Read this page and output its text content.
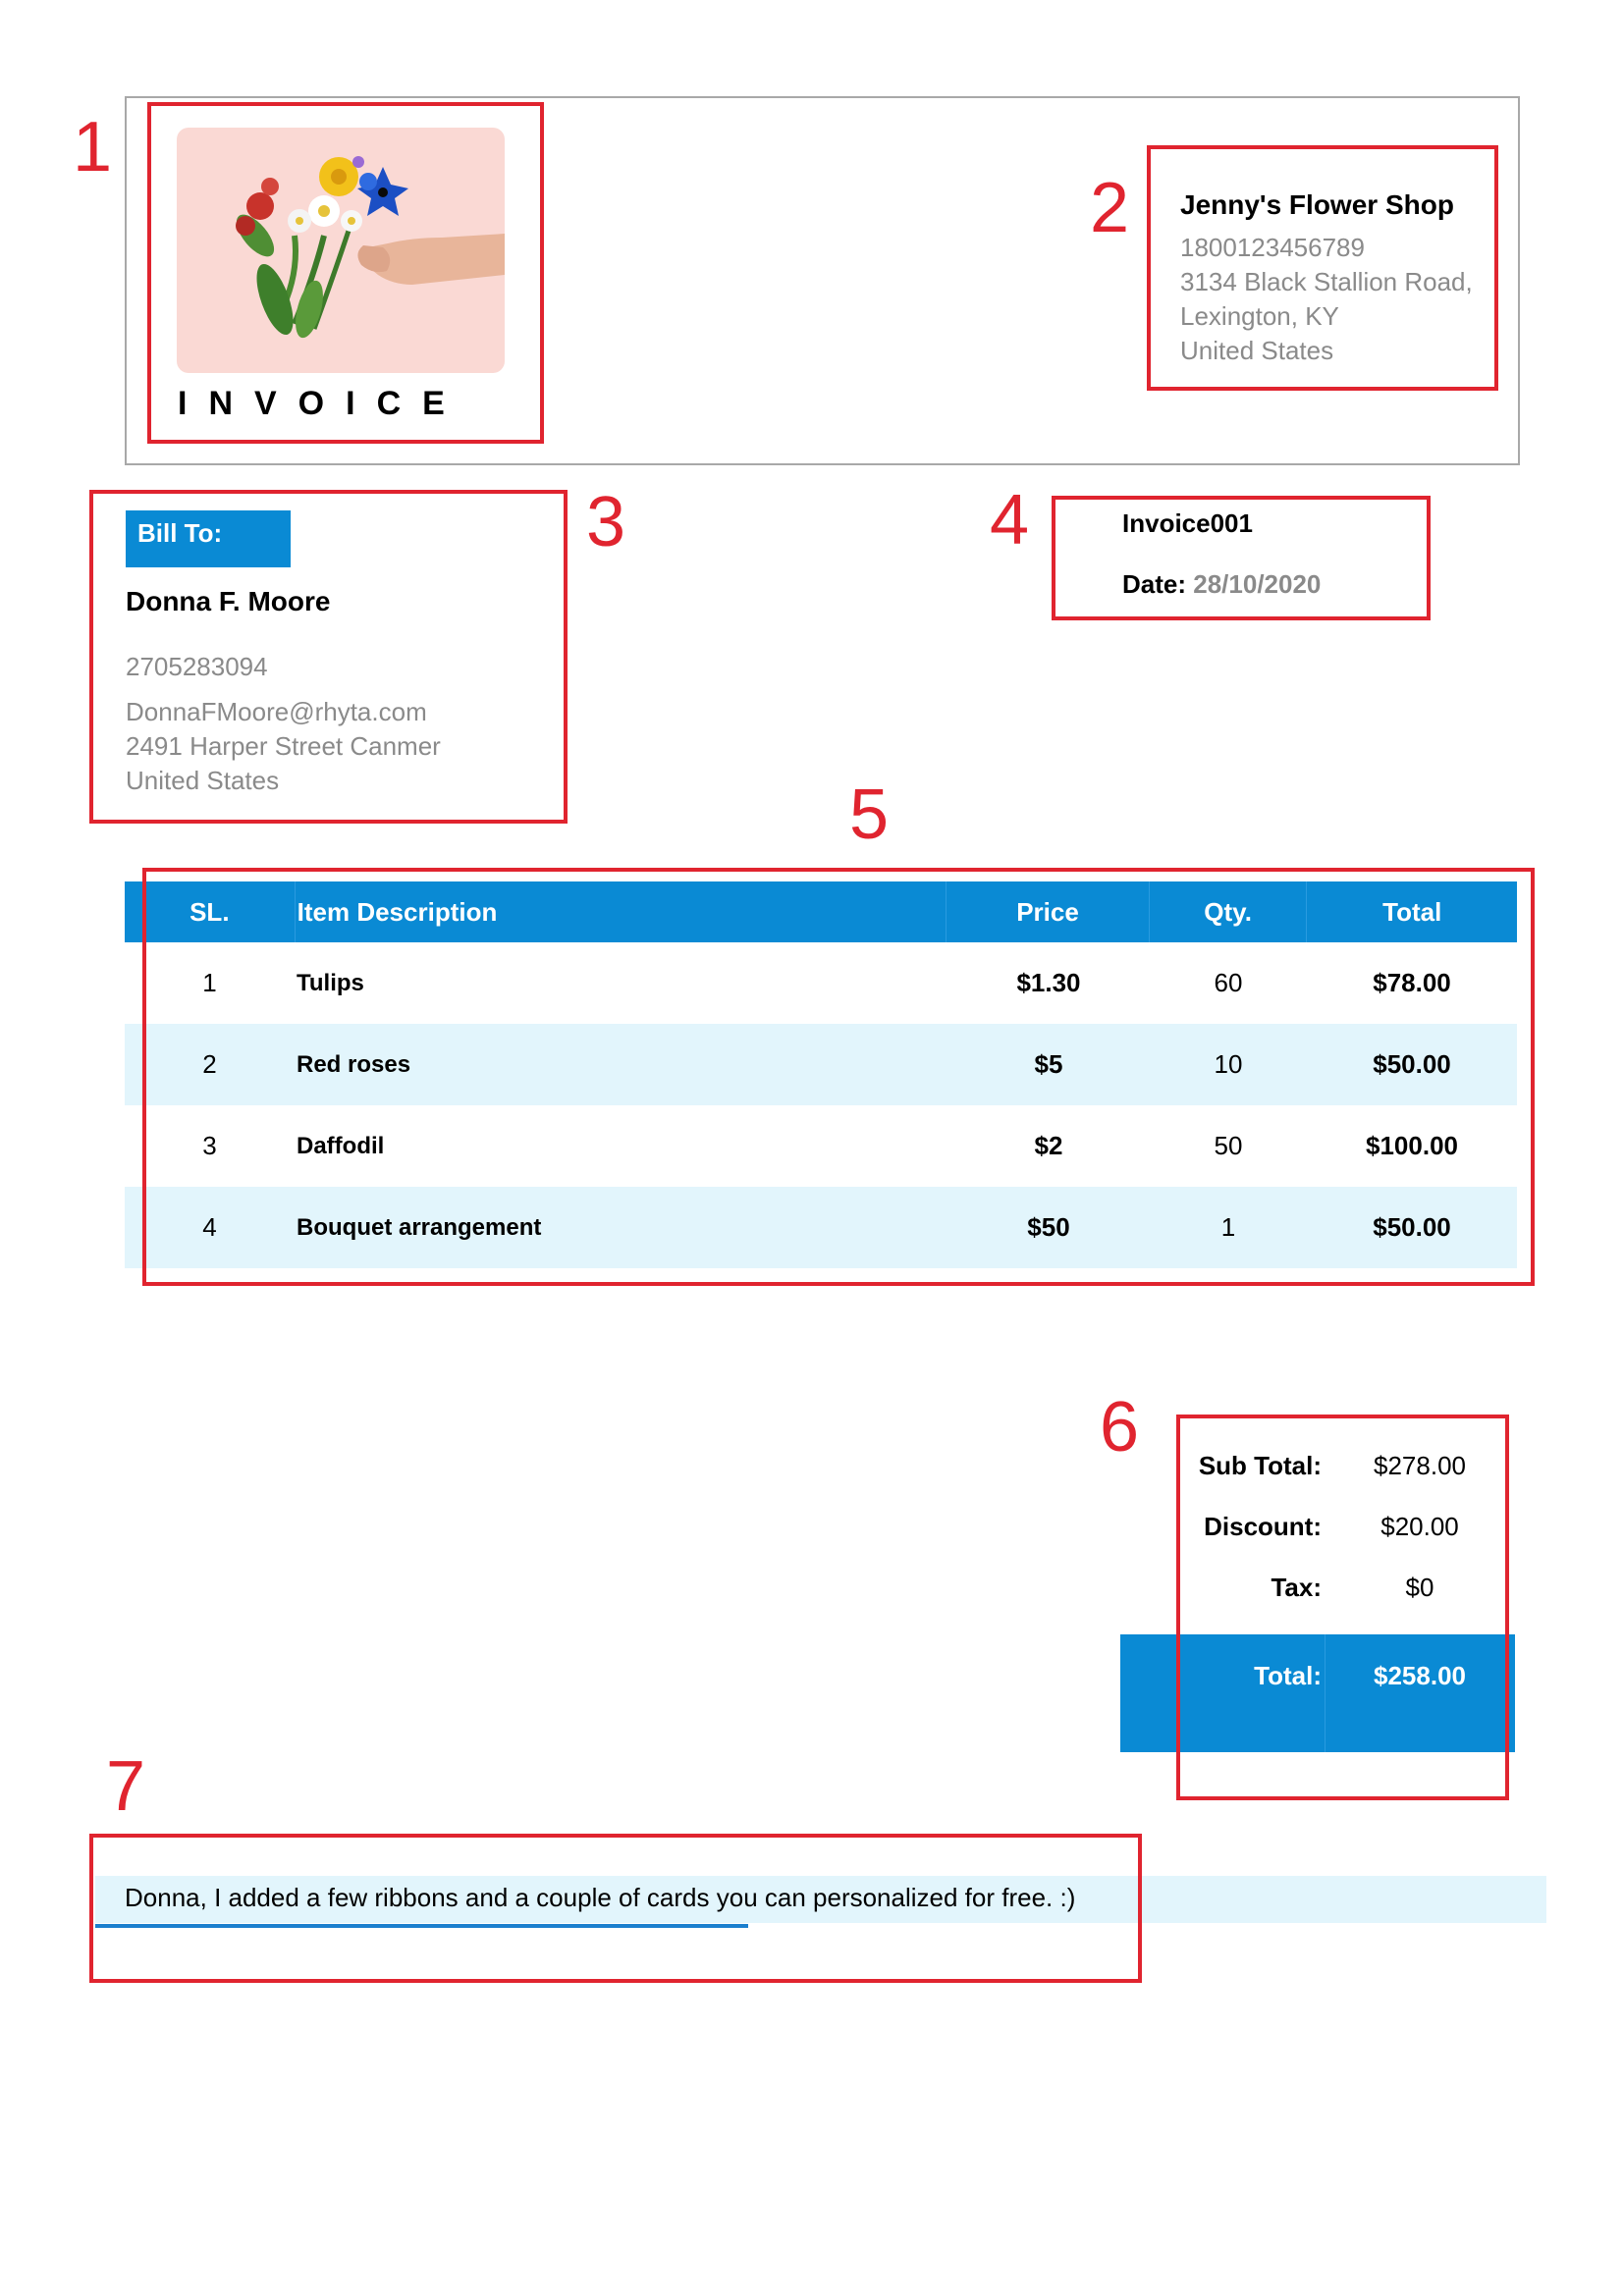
INVOICE
Jenny's Flower Shop
1800123456789
3134 Black Stallion Road,
Lexington, KY
United States
Bill To:
Donna F. Moore
2705283094
DonnaFMoore@rhyta.com
2491 Harper Street Canmer
United States
Invoice001
Date: 28/10/2020
SL.	Item Description	Price	Qty.	Total
1	Tulips	$1.30	60	$78.00
2	Red roses	$5	10	$50.00
3	Daffodil	$2	50	$100.00
4	Bouquet arrangement	$50	1	$50.00
Sub Total:	$278.00
Discount:	$20.00
Tax:	$0
Total:	$258.00
Donna, I added a few ribbons and a couple of cards you can personalized for free. :)
1
2
3	4
5
6
7
